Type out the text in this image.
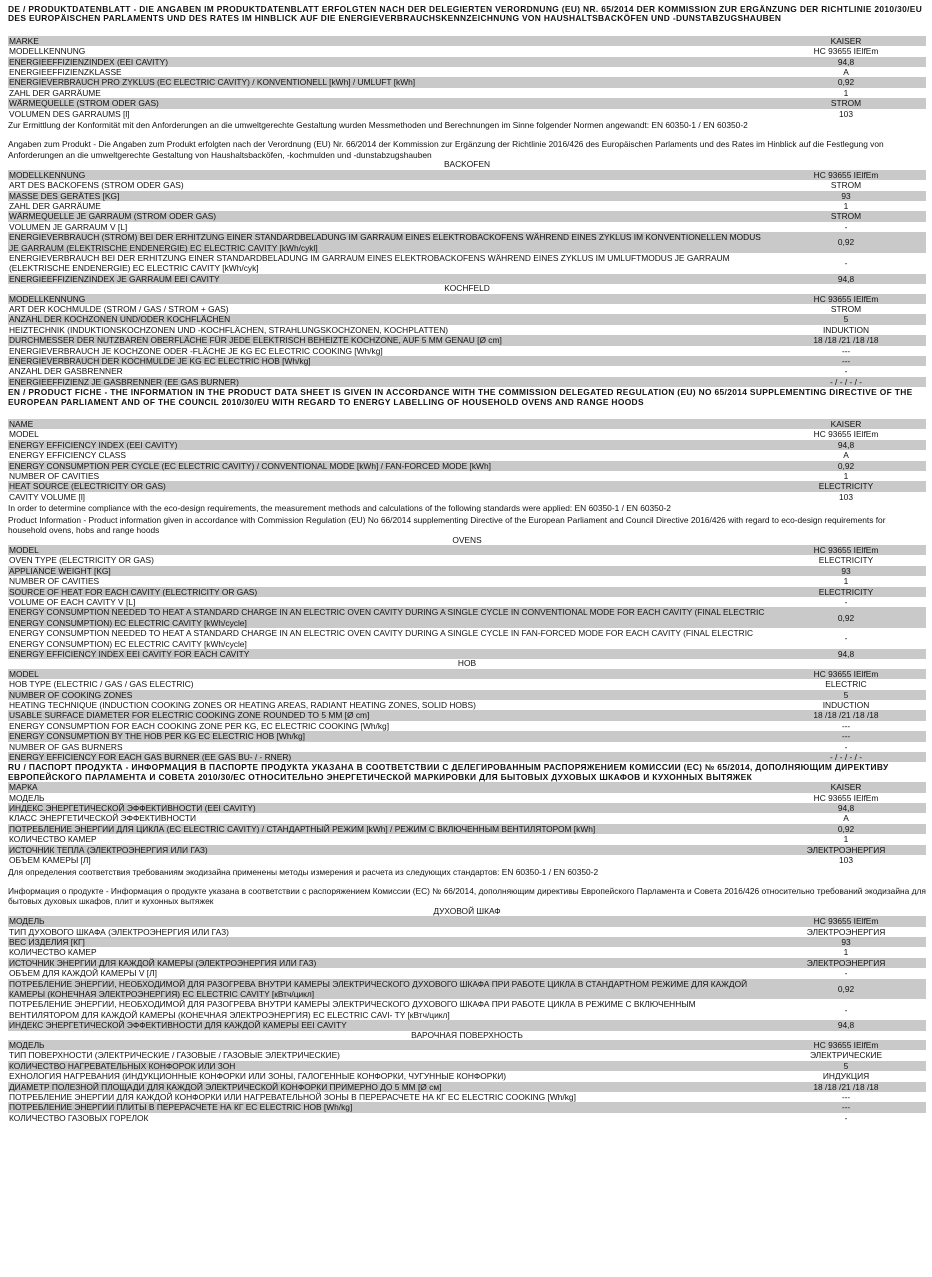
DE / PRODUKTDATENBLATT - DIE ANGABEN IM PRODUKTDATENBLATT ERFOLGTEN NACH DER DELEGIERTEN VERORDNUNG (EU) NR. 65/2014 DER KOMMISSION ZUR ERGÄNZUNG DER RICHTLINIE 2010/30/EU DES EUROPÄISCHEN PARLAMENTS UND DES RATES IM HINBLICK AUF DIE ENERGIEVERBRAUCHSKENNZEICHNUNG VON HAUSHALTSBACKÖFEN UND -DUNSTABZUGSHAUBEN
MARKE	KAISER
MODELLKENNUNG	HC 93655 IElfEm
ENERGIEEFFIZIENZINDEX (EEI CAVITY)	94,8
ENERGIEEFFIZIENZKLASSE	A
ENERGIEVERBRAUCH PRO ZYKLUS (EC ELECTRIC CAVITY) / KONVENTIONELL [kWh] / UMLUFT [kWh]	0,92
ZAHL DER GARRÄUME	1
WÄRMEQUELLE (STROM ODER GAS)	STROM
VOLUMEN DES GARRAUMS [l]	103
Zur Ermittlung der Konformität mit den Anforderungen an die umweltgerechte Gestaltung wurden Messmethoden und Berechnungen im Sinne folgender Normen angewandt: EN 60350-1 / EN 60350-2
Angaben zum Produkt - Die Angaben zum Produkt erfolgten nach der Verordnung (EU) Nr. 66/2014 der Kommission zur Ergänzung der Richtlinie 2016/426 des Europäischen Parlaments und des Rates im Hinblick auf die Festlegung von Anforderungen an die umweltgerechte Gestaltung von Haushaltsbacköfen, -kochmulden und -dunstabzugshauben
BACKOFEN
MODELLKENNUNG	HC 93655 IElfEm
ART DES BACKOFENS (STROM ODER GAS)	STROM
MASSE DES GERÄTES [KG]	93
ZAHL DER GARRÄUME	1
WÄRMEQUELLE JE GARRAUM (STROM ODER GAS)	STROM
VOLUMEN JE GARRAUM V [L]	-
ENERGIEVERBRAUCH (STROM) BEI DER ERHITZUNG EINER STANDARDBELADUNG IM GARRAUM EINES ELEKTROBACKOFENS WÄHREND EINES ZYKLUS IM KONVENTIONELLEN MODUS JE GARRAUM (ELEKTRISCHE ENDENERGIE) EC ELECTRIC CAVITY [kWh/cykl]
0,92
ENERGIEVERBRAUCH BEI DER ERHITZUNG EINER STANDARDBELADUNG IM GARRAUM EINES ELEKTROBACKOFENS WÄHREND EINES ZYKLUS IM UMLUFTMODUS JE GARRAUM (ELEKTRISCHE ENDENERGIE) EC ELECTRIC CAVITY [kWh/cyk]
-
ENERGIEEFFIZIENZINDEX JE GARRAUM EEI CAVITY	94,8
KOCHFELD
MODELLKENNUNG	HC 93655 IElfEm
ART DER KOCHMULDE (STROM / GAS / STROM + GAS)	STROM
ANZAHL DER KOCHZONEN UND/ODER KOCHFLÄCHEN	5
HEIZTECHNIK (INDUKTIONSKOCHZONEN UND -KOCHFLÄCHEN, STRAHLUNGSKOCHZONEN, KOCHPLATTEN)	INDUKTION
DURCHMESSER DER NUTZBAREN OBERFLÄCHE FÜR JEDE ELEKTRISCH BEHEIZTE KOCHZONE, AUF 5 MM GENAU [Ø cm]	18 /18 /21 /18 /18
ENERGIEVERBRAUCH JE KOCHZONE ODER -FLÄCHE JE KG EC ELECTRIC COOKING [Wh/kg]	---
ENERGIEVERBRAUCH DER KOCHMULDE JE KG EC ELECTRIC HOB [Wh/kg]	---
ANZAHL DER GASBRENNER	-
ENERGIEEFFIZIENZ JE GASBRENNER (EE GAS BURNER)	- / - / - / -
EN / PRODUCT FICHE - THE INFORMATION IN THE PRODUCT DATA SHEET IS GIVEN IN ACCORDANCE WITH THE COMMISSION DELEGATED REGULATION (EU) NO 65/2014 SUPPLEMENTING DIRECTIVE OF THE EUROPEAN PARLIAMENT AND OF THE COUNCIL 2010/30/EU WITH REGARD TO ENERGY LABELLING OF HOUSEHOLD OVENS AND RANGE HOODS
NAME	KAISER
MODEL	HC 93655 IElfEm
ENERGY EFFICIENCY INDEX (EEI CAVITY)	94,8
ENERGY EFFICIENCY CLASS	A
ENERGY CONSUMPTION PER CYCLE (EC ELECTRIC CAVITY) / CONVENTIONAL MODE [kWh] / FAN-FORCED MODE [kWh]	0,92
NUMBER OF CAVITIES	1
HEAT SOURCE (ELECTRICITY OR GAS)	ELECTRICITY
CAVITY VOLUME [l]	103
In order to determine compliance with the eco-design requirements, the measurement methods and calculations of the following standards were applied: EN 60350-1 / EN 60350-2
Product Information - Product information given in accordance with Commission Regulation (EU) No 66/2014 supplementing Directive of the European Parliament and Council Directive 2016/426 with regard to eco-design requirements for household ovens, hobs and range hoods
OVENS
MODEL	HC 93655 IElfEm
OVEN TYPE (ELECTRICITY OR GAS)	ELECTRICITY
APPLIANCE WEIGHT [KG]	93
NUMBER OF CAVITIES	1
SOURCE OF HEAT FOR EACH CAVITY (ELECTRICITY OR GAS)	ELECTRICITY
VOLUME OF EACH CAVITY V [L]	-
ENERGY CONSUMPTION NEEDED TO HEAT A STANDARD CHARGE IN AN ELECTRIC OVEN CAVITY DURING A SINGLE CYCLE IN CONVENTIONAL MODE FOR EACH CAVITY (FINAL ELECTRIC ENERGY CONSUMPTION) EC ELECTRIC CAVITY [kWh/cycle]
0,92
ENERGY CONSUMPTION NEEDED TO HEAT A STANDARD CHARGE IN AN ELECTRIC OVEN CAVITY DURING A SINGLE CYCLE IN FAN-FORCED MODE FOR EACH CAVITY (FINAL ELECTRIC ENERGY CONSUMPTION) EC ELECTRIC CAVITY [kWh/cycle]
-
ENERGY EFFICIENCY INDEX EEI CAVITY FOR EACH CAVITY	94,8
HOB
MODEL	HC 93655 IElfEm
HOB TYPE (ELECTRIC / GAS / GAS ELECTRIC)	ELECTRIC
NUMBER OF COOKING ZONES	5
HEATING TECHNIQUE (INDUCTION COOKING ZONES OR HEATING AREAS, RADIANT HEATING ZONES, SOLID HOBS)	INDUCTION
USABLE SURFACE DIAMETER FOR ELECTRIC COOKING ZONE ROUNDED TO 5 MM [Ø cm]	18 /18 /21 /18 /18
ENERGY CONSUMPTION FOR EACH COOKING ZONE PER KG, EC ELECTRIC COOKING [Wh/kg]	---
ENERGY CONSUMPTION BY THE HOB PER KG EC ELECTRIC HOB [Wh/kg]	---
NUMBER OF GAS BURNERS	-
ENERGY EFFICIENCY FOR EACH GAS BURNER (EE GAS BU- / - RNER)	- / - / - / -
RU / ПАСПОРТ ПРОДУКТА - ИНФОРМАЦИЯ В ПАСПОРТЕ ПРОДУКТА УКАЗАНА В СООТВЕТСТВИИ С ДЕЛЕГИРОВАННЫМ РАСПОРЯЖЕНИЕМ КОМИССИИ (ЕС) № 65/2014, ДОПОЛНЯЮЩИМ ДИРЕКТИВУ ЕВРОПЕЙСКОГО ПАРЛАМЕНТА И СОВЕТА 2010/30/ЕС ОТНОСИТЕЛЬНО ЭНЕРГЕТИЧЕСКОЙ МАРКИРОВКИ ДЛЯ БЫТОВЫХ ДУХОВЫХ ШКАФОВ И КУХОННЫХ ВЫТЯЖЕК
МАРКА	KAISER
МОДЕЛЬ	HC 93655 IElfEm
ИНДЕКС ЭНЕРГЕТИЧЕСКОЙ ЭФФЕКТИВНОСТИ (EEI CAVITY)	94,8
КЛАСС ЭНЕРГЕТИЧЕСКОЙ ЭФФЕКТИВНОСТИ	A
ПОТРЕБЛЕНИЕ ЭНЕРГИИ ДЛЯ ЦИКЛА (EC ELECTRIC CAVITY) / СТАНДАРТНЫЙ РЕЖИМ [kWh] / РЕЖИМ С ВКЛЮЧЕННЫМ ВЕНТИЛЯТОРОМ [kWh]	0,92
КОЛИЧЕСТВО КАМЕР	1
ИСТОЧНИК ТЕПЛА (ЭЛЕКТРОЭНЕРГИЯ ИЛИ ГАЗ)	ЭЛЕКТРОЭНЕРГИЯ
ОБЪЕМ КАМЕРЫ [Л]	103
Для определения соответствия требованиям экодизайна применены методы измерения и расчета из следующих стандартов: EN 60350-1 / EN 60350-2
Информация о продукте - Информация о продукте указана в соответствии с распоряжением Комиссии (ЕС) № 66/2014, дополняющим директивы Европейского Парламента и Совета 2016/426 относительно требований экодизайна для бытовых духовых шкафов, плит и кухонных вытяжек
ДУХОВОЙ ШКАФ
МОДЕЛЬ	HC 93655 IElfEm
ТИП ДУХОВОГО ШКАФА (ЭЛЕКТРОЭНЕРГИЯ ИЛИ ГАЗ)	ЭЛЕКТРОЭНЕРГИЯ
ВЕС ИЗДЕЛИЯ [КГ]	93
КОЛИЧЕСТВО КАМЕР	1
ИСТОЧНИК ЭНЕРГИИ ДЛЯ КАЖДОЙ КАМЕРЫ (ЭЛЕКТРОЭНЕРГИЯ ИЛИ ГАЗ)	ЭЛЕКТРОЭНЕРГИЯ
ОБЪЕМ ДЛЯ КАЖДОЙ КАМЕРЫ V [Л]	-
ПОТРЕБЛЕНИЕ ЭНЕРГИИ, НЕОБХОДИМОЙ ДЛЯ РАЗОГРЕВА ВНУТРИ КАМЕРЫ ЭЛЕКТРИЧЕСКОГО ДУХОВОГО ШКАФА ПРИ РАБОТЕ ЦИКЛА В СТАНДАРТНОМ РЕЖИМЕ ДЛЯ КАЖДОЙ КАМЕРЫ (КОНЕЧНАЯ ЭЛЕКТРОЭНЕРГИЯ) EC ELECTRIC CAVITY [кВтч/цикл]
0,92
ПОТРЕБЛЕНИЕ ЭНЕРГИИ, НЕОБХОДИМОЙ ДЛЯ РАЗОГРЕВА ВНУТРИ КАМЕРЫ ЭЛЕКТРИЧЕСКОГО ДУХОВОГО ШКАФА ПРИ РАБОТЕ ЦИКЛА В РЕЖИМЕ С ВКЛЮЧЕННЫМ ВЕНТИЛЯТОРОМ ДЛЯ КАЖДОЙ КАМЕРЫ (КОНЕЧНАЯ ЭЛЕКТРОЭНЕРГИЯ) EC ELECTRIC CAVI- TY [кВтч/цикл]
-
ИНДЕКС ЭНЕРГЕТИЧЕСКОЙ ЭФФЕКТИВНОСТИ ДЛЯ КАЖДОЙ КАМЕРЫ EEI CAVITY	94,8
ВАРОЧНАЯ ПОВЕРХНОСТЬ
МОДЕЛЬ	HC 93655 IElfEm
ТИП ПОВЕРХНОСТИ (ЭЛЕКТРИЧЕСКИЕ / ГАЗОВЫЕ / ГАЗОВЫЕ ЭЛЕКТРИЧЕСКИЕ)	ЭЛЕКТРИЧЕСКИЕ
КОЛИЧЕСТВО НАГРЕВАТЕЛЬНЫХ КОНФОРОК ИЛИ ЗОН	5
ЕХНОЛОГИЯ НАГРЕВАНИЯ (ИНДУКЦИОННЫЕ КОНФОРКИ ИЛИ ЗОНЫ, ГАЛОГЕННЫЕ КОНФОРКИ, ЧУГУННЫЕ КОНФОРКИ)	ИНДУКЦИЯ
ДИАМЕТР ПОЛЕЗНОЙ ПЛОЩАДИ ДЛЯ КАЖДОЙ ЭЛЕКТРИЧЕСКОЙ КОНФОРКИ ПРИМЕРНО ДО 5 ММ [Ø см]	18 /18 /21 /18 /18
ПОТРЕБЛЕНИЕ ЭНЕРГИИ ДЛЯ КАЖДОЙ КОНФОРКИ ИЛИ НАГРЕВАТЕЛЬНОЙ ЗОНЫ В ПЕРЕРАСЧЕТЕ НА КГ EC ELECTRIC COOKING [Wh/kg]	---
ПОТРЕБЛЕНИЕ ЭНЕРГИИ ПЛИТЫ В ПЕРЕРАСЧЕТЕ НА КГ EC ELECTRIC HOB [Wh/kg]	---
КОЛИЧЕСТВО ГАЗОВЫХ ГОРЕЛОК	-
